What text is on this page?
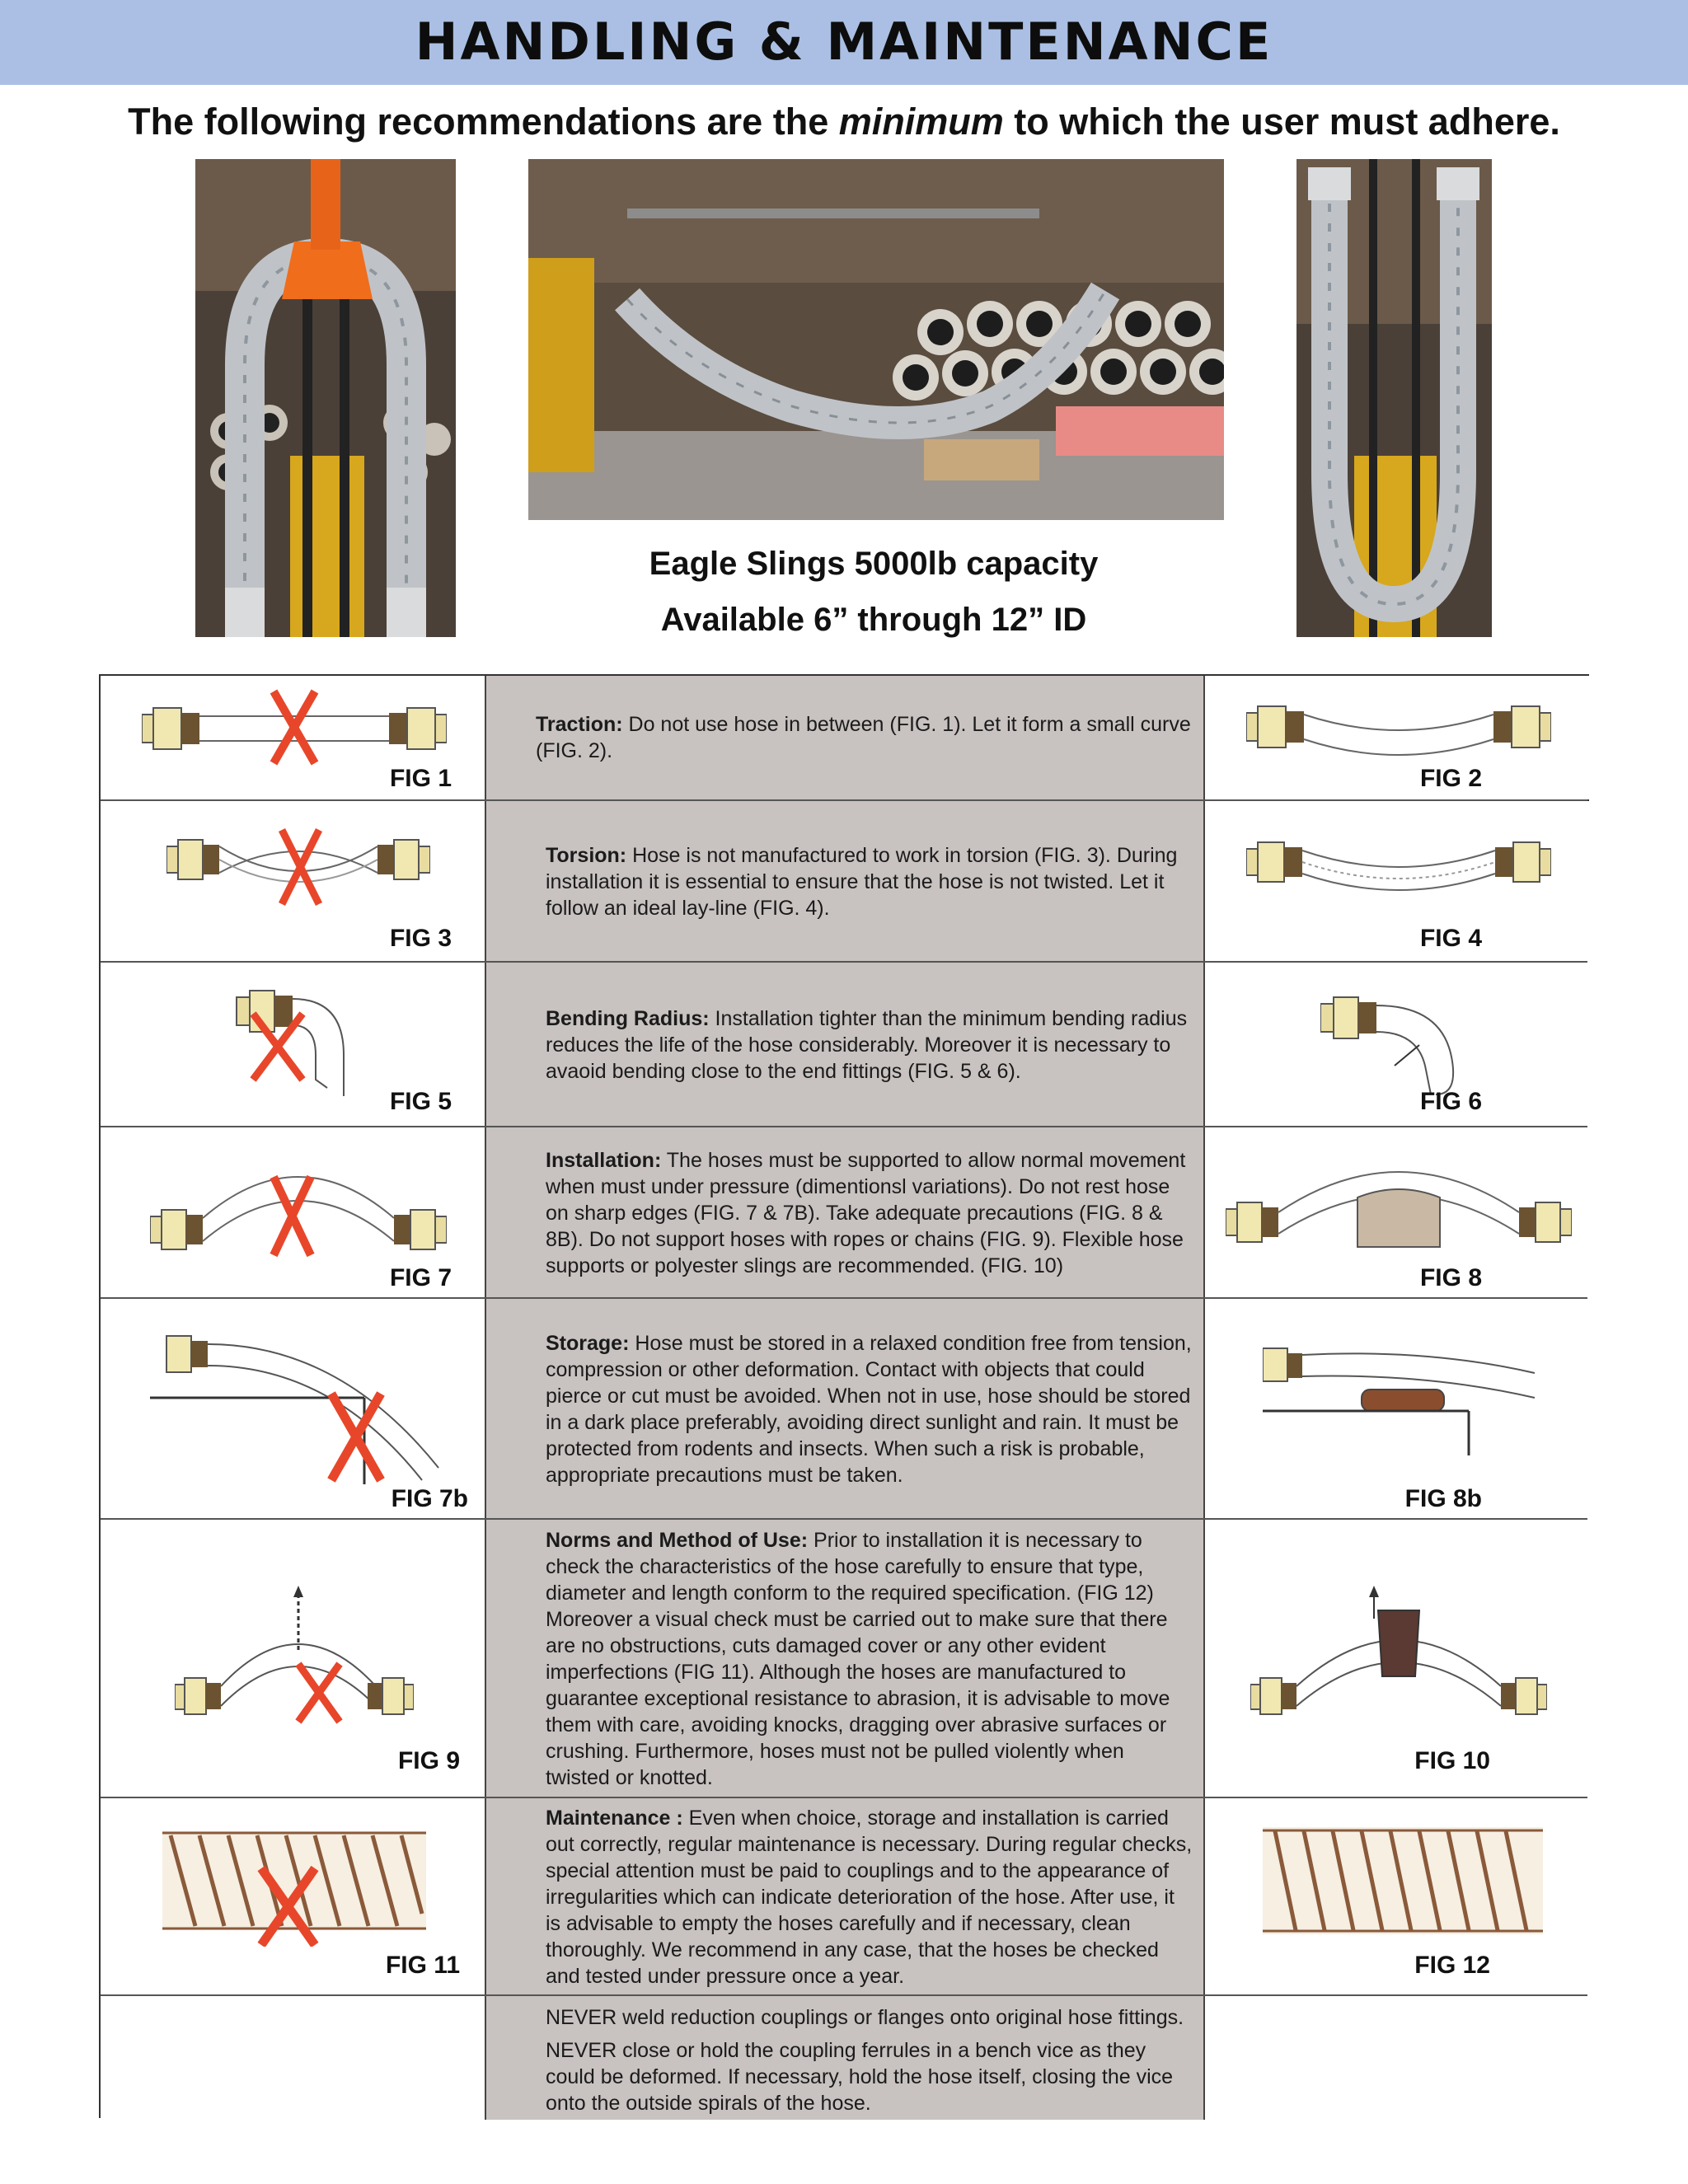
HANDLING & MAINTENANCE
The following recommendations are the minimum to which the user must adhere.
Eagle Slings 5000lb capacity
Available 6” through 12” ID
FIG 1

Traction: Do not use hose in between (FIG. 1). Let it form a small curve (FIG. 2).

FIG 2
FIG 3

Torsion: Hose is not manufactured to work in torsion (FIG. 3). During installation it is essential to ensure that the hose is not twisted. Let it follow an ideal lay-line (FIG. 4).

FIG 4
FIG 5

Bending Radius: Installation tighter than the minimum bending radius reduces the life of the hose considerably. Moreover it is necessary to avaoid bending close to the end fittings (FIG. 5 & 6).

FIG 6
FIG 7

Installation: The hoses must be supported to allow normal movement when must under pressure (dimentionsl variations). Do not rest hose on sharp edges (FIG. 7 & 7B). Take adequate precautions (FIG. 8 & 8B). Do not support hoses with ropes or chains (FIG. 9). Flexible hose supports or polyester slings are recommended. (FIG. 10)	FIG 8
FIG 7b

Storage: Hose must be stored in a relaxed condition free from tension, compression or other deformation. Contact with objects that could pierce or cut must be avoided. When not in use, hose should be stored in a dark place preferably, avoiding direct sunlight and rain. It must be protected from rodents and insects. When such a risk is probable, appropriate precautions must be taken.

FIG 8b
FIG 9

Norms and Method of Use: Prior to installation it is necessary to check the characteristics of the hose carefully to ensure that type, diameter and length conform to the required specification. (FIG 12) Moreover a visual check must be carried out to make sure that there are no obstructions, cuts damaged cover or any other evident imperfections (FIG 11). Although the hoses are manufactured to guarantee exceptional resistance to abrasion, it is advisable to move them with care, avoiding knocks, dragging over abrasive surfaces or crushing. Furthermore, hoses must not be pulled violently when twisted or knotted.

FIG 10
FIG 11

Maintenance : Even when choice, storage and installation is carried out correctly, regular maintenance is necessary. During regular checks, special attention must be paid to couplings and to the appearance of irregularities which can indicate deterioration of the hose. After use, it is advisable to empty the hoses carefully and if necessary, clean thoroughly. We recommend in any case, that the hoses be checked and tested under pressure once a year.	FIG 12

NEVER weld reduction couplings or flanges onto original hose fittings.

NEVER close or hold the coupling ferrules in a bench vice as they could be deformed. If necessary, hold the hose itself, closing the vice onto the outside spirals of the hose.
